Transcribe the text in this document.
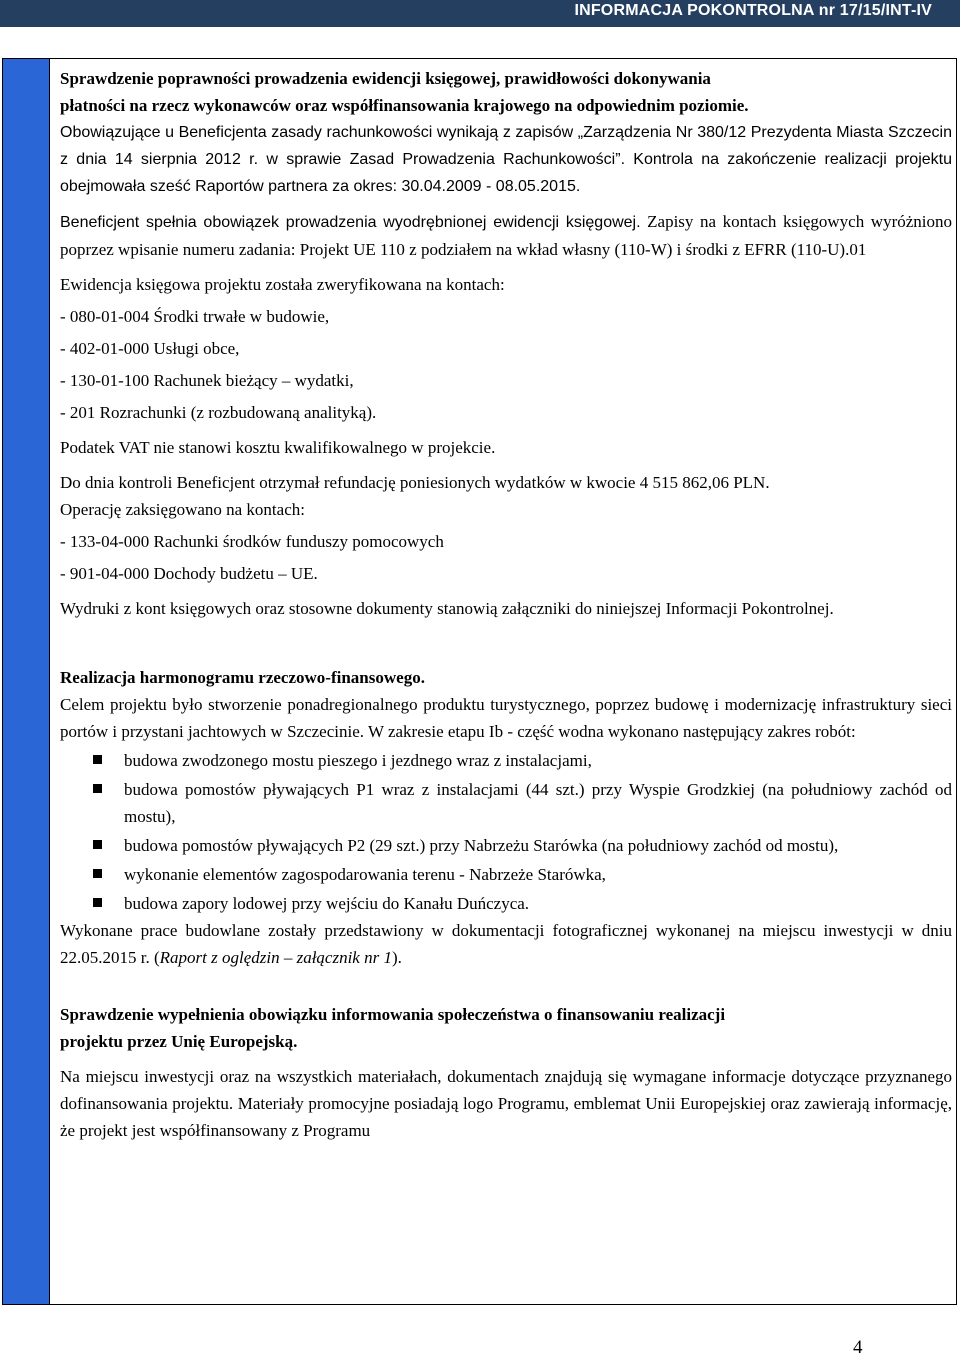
INFORMACJA POKONTROLNA nr 17/15/INT-IV

Sprawdzenie poprawności prowadzenia ewidencji księgowej, prawidłowości dokonywania
płatności na rzecz wykonawców oraz współfinansowania krajowego na odpowiednim poziomie.

Obowiązujące u Beneficjenta zasady rachunkowości wynikają z zapisów „Zarządzenia Nr 380/12 Prezydenta Miasta Szczecin z dnia 14 sierpnia 2012 r. w sprawie Zasad Prowadzenia Rachunkowości”. Kontrola na zakończenie realizacji projektu obejmowała sześć Raportów partnera za okres: 30.04.2009 - 08.05.2015.

Beneficjent spełnia obowiązek prowadzenia wyodrębnionej ewidencji księgowej. Zapisy na kontach księgowych wyróżniono poprzez wpisanie numeru zadania: Projekt UE 110 z podziałem na wkład własny (110-W) i środki z EFRR (110-U).01

Ewidencja księgowa projektu została zweryfikowana na kontach:

- 080-01-004 Środki trwałe w budowie,

- 402-01-000 Usługi obce,

- 130-01-100 Rachunek bieżący – wydatki,

- 201 Rozrachunki (z rozbudowaną analityką).

Podatek VAT nie stanowi kosztu kwalifikowalnego w projekcie.

Do dnia kontroli Beneficjent otrzymał refundację poniesionych wydatków w kwocie 4 515 862,06 PLN.

Operację zaksięgowano na kontach:

- 133-04-000 Rachunki środków funduszy pomocowych

- 901-04-000 Dochody budżetu – UE.

Wydruki z kont księgowych oraz stosowne dokumenty stanowią załączniki do niniejszej Informacji Pokontrolnej.

Realizacja harmonogramu rzeczowo-finansowego.

Celem projektu było stworzenie ponadregionalnego produktu turystycznego, poprzez budowę i modernizację infrastruktury sieci portów i przystani jachtowych w Szczecinie. W zakresie etapu Ib - część wodna wykonano następujący zakres robót:

budowa zwodzonego mostu pieszego i jezdnego wraz z instalacjami,
budowa pomostów pływających P1 wraz z instalacjami (44 szt.) przy Wyspie Grodzkiej (na południowy zachód od mostu),
budowa pomostów pływających P2 (29 szt.) przy Nabrzeżu Starówka (na południowy zachód od mostu),
wykonanie elementów zagospodarowania terenu - Nabrzeże Starówka,
budowa zapory lodowej przy wejściu do Kanału Duńczyca.

Wykonane prace budowlane zostały przedstawiony w dokumentacji fotograficznej wykonanej na miejscu inwestycji w dniu 22.05.2015 r. (Raport z oględzin – załącznik nr 1).

Sprawdzenie wypełnienia obowiązku informowania społeczeństwa o finansowaniu realizacji
projektu przez Unię Europejską.

Na miejscu inwestycji oraz na wszystkich materiałach, dokumentach znajdują się wymagane informacje dotyczące przyznanego dofinansowania projektu. Materiały promocyjne posiadają logo Programu, emblemat Unii Europejskiej oraz zawierają informację, że projekt jest współfinansowany z Programu

4
